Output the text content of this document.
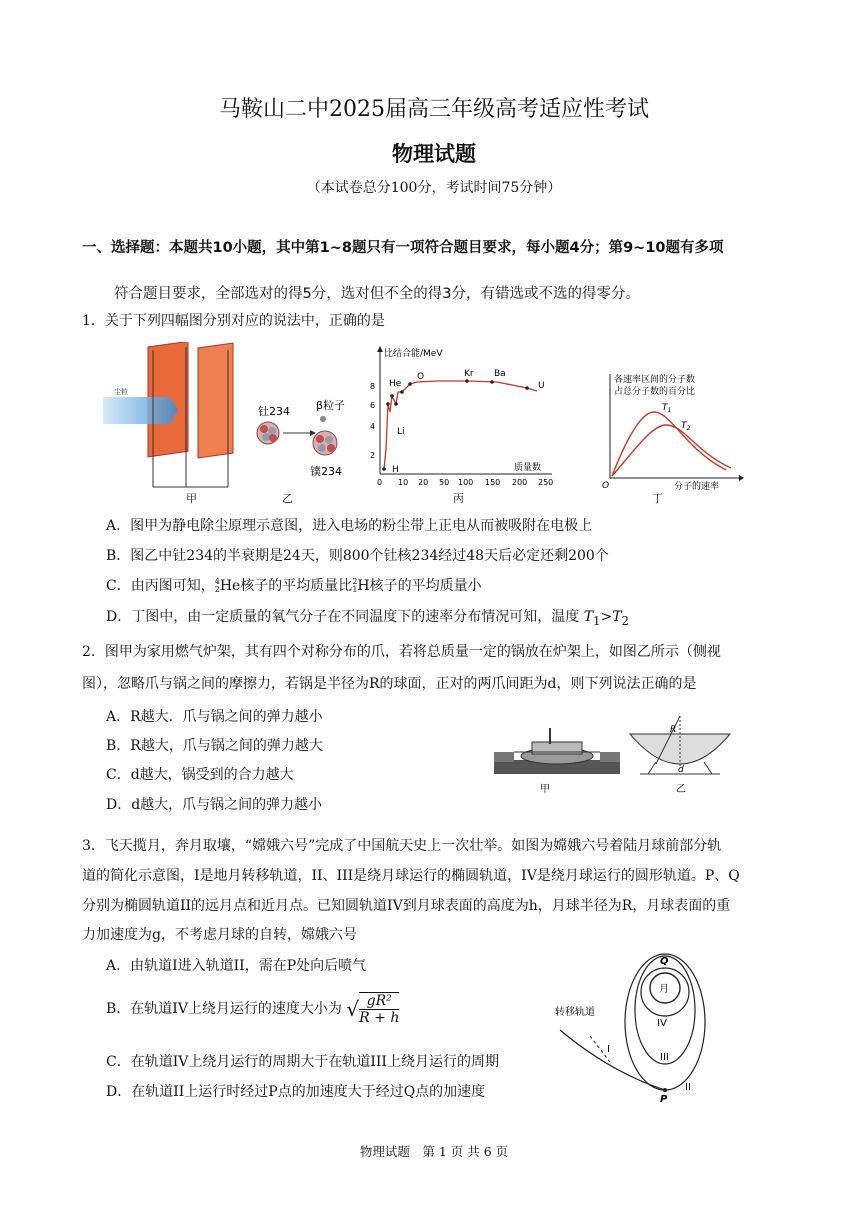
马鞍山二中2025届高三年级高考适应性考试
物理试题
（本试卷总分100分，考试时间75分钟）
一、选择题：本题共10小题，其中第1~8题只有一项符合题目要求，每小题4分；第9~10题有多项
符合题目要求，全部选对的得5分，选对但不全的得3分，有错选或不选的得零分。
1．关于下列四幅图分别对应的说法中，正确的是
尘粒
甲
钍234 β粒子
镤234
乙
比结合能/MeV
质量数
2
4
6
8
0 10 20 50 100 150 200 250
He
O
Li
H
Kr Ba
U
丙
各速率区间的分子数
占总分子数的百分比
O	分子的速率
$T_1$
$T_2$
丁
A．图甲为静电除尘原理示意图，进入电场的粉尘带上正电从而被吸附在电极上
B．图乙中钍234的半衰期是24天，则800个钍核234经过48天后必定还剩200个
C．由丙图可知，4
2He核子的平均质量比2
1H核子的平均质量小
D．丁图中，由一定质量的氧气分子在不同温度下的速率分布情况可知，温度 $T_1>T_2$
2．图甲为家用燃气炉架，其有四个对称分布的爪，若将总质量一定的锅放在炉架上，如图乙所示（侧视
图），忽略爪与锅之间的摩擦力，若锅是半径为R的球面，正对的两爪间距为d，则下列说法正确的是
A．R越大．爪与锅之间的弹力越小
B．R越大，爪与锅之间的弹力越大
C．d越大，锅受到的合力越大
D．d越大，爪与锅之间的弹力越小
甲
R
d
乙
3．飞天揽月，奔月取壤，“嫦娥六号”完成了中国航天史上一次壮举。如图为嫦娥六号着陆月球前部分轨
道的简化示意图，I是地月转移轨道，II、III是绕月球运行的椭圆轨道，IV是绕月球运行的圆形轨道。P、Q
分别为椭圆轨道II的远月点和近月点。已知圆轨道IV到月球表面的高度为h，月球半径为R，月球表面的重
力加速度为g，不考虑月球的自转，嫦娥六号
A．由轨道I进入轨道II，需在P处向后喷气
B．在轨道IV上绕月运行的速度大小为 √ $\frac{\text{gR²}}{R + h}$
C．在轨道IV上绕月运行的周期大于在轨道III上绕月运行的周期
D．在轨道II上运行时经过P点的加速度大于经过Q点的加速度
月
转移轨道
Q
P
I
II
III
IV
物理试题　第 1 页 共 6 页
